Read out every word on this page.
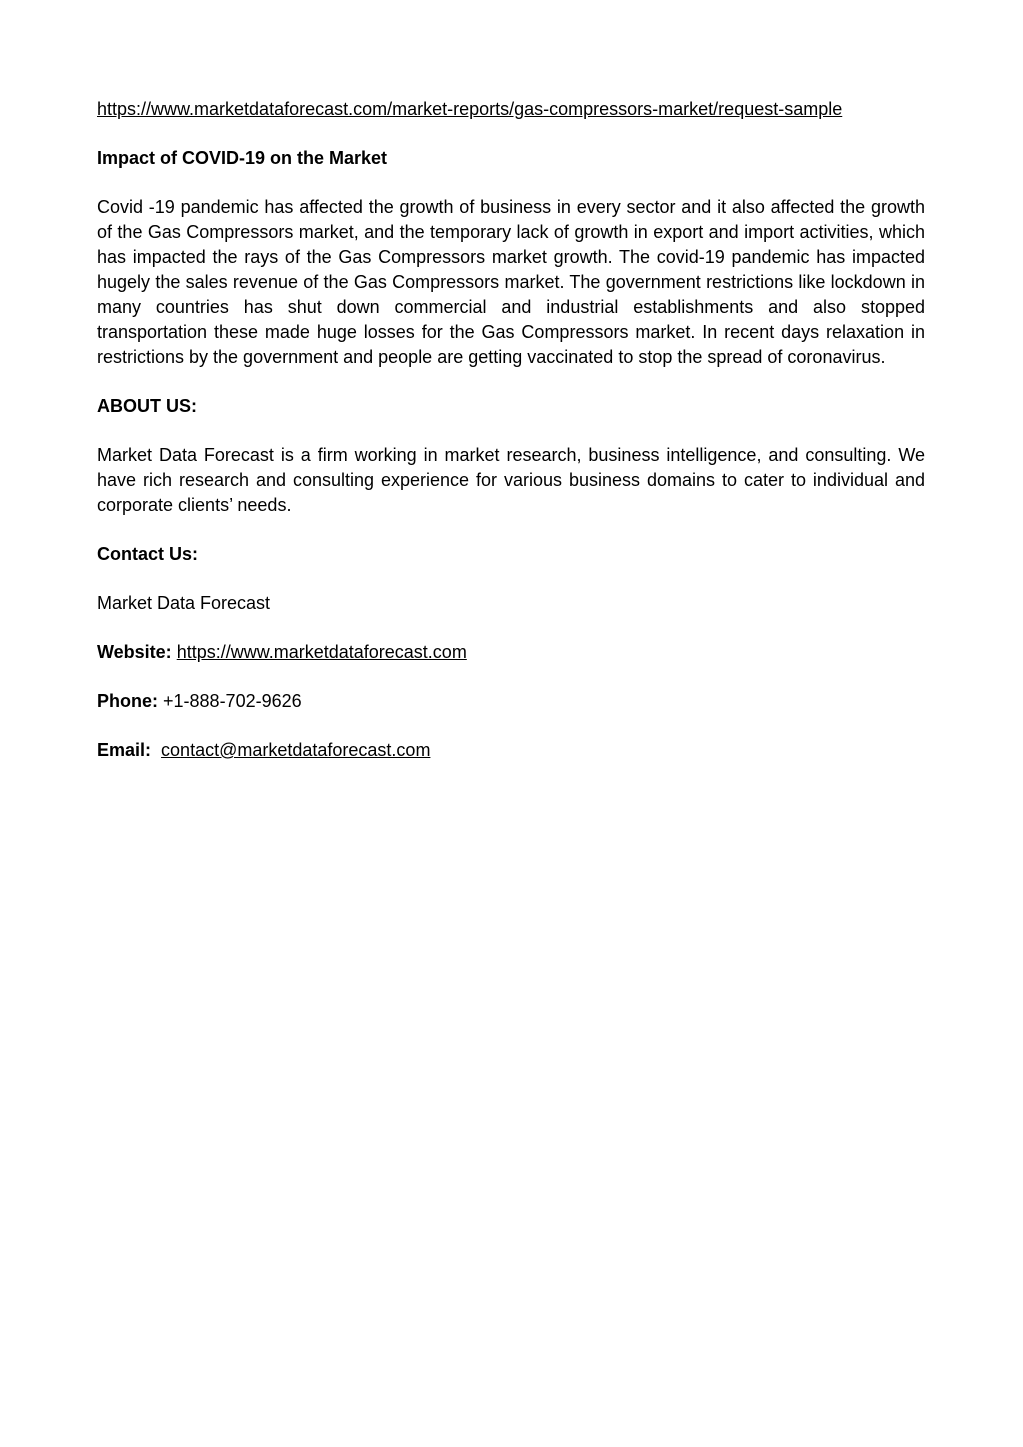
https://www.marketdataforecast.com/market-reports/gas-compressors-market/request-sample

Impact of COVID-19 on the Market

Covid -19 pandemic has affected the growth of business in every sector and it also affected the growth of the Gas Compressors market, and the temporary lack of growth in export and import activities, which has impacted the rays of the Gas Compressors market growth. The covid-19 pandemic has impacted hugely the sales revenue of the Gas Compressors market. The government restrictions like lockdown in many countries has shut down commercial and industrial establishments and also stopped transportation these made huge losses for the Gas Compressors market. In recent days relaxation in restrictions by the government and people are getting vaccinated to stop the spread of coronavirus.

ABOUT US:

Market Data Forecast is a firm working in market research, business intelligence, and consulting. We have rich research and consulting experience for various business domains to cater to individual and corporate clients’ needs.

Contact Us:

Market Data Forecast

Website: https://www.marketdataforecast.com

Phone: +1-888-702-9626

Email: contact@marketdataforecast.com
